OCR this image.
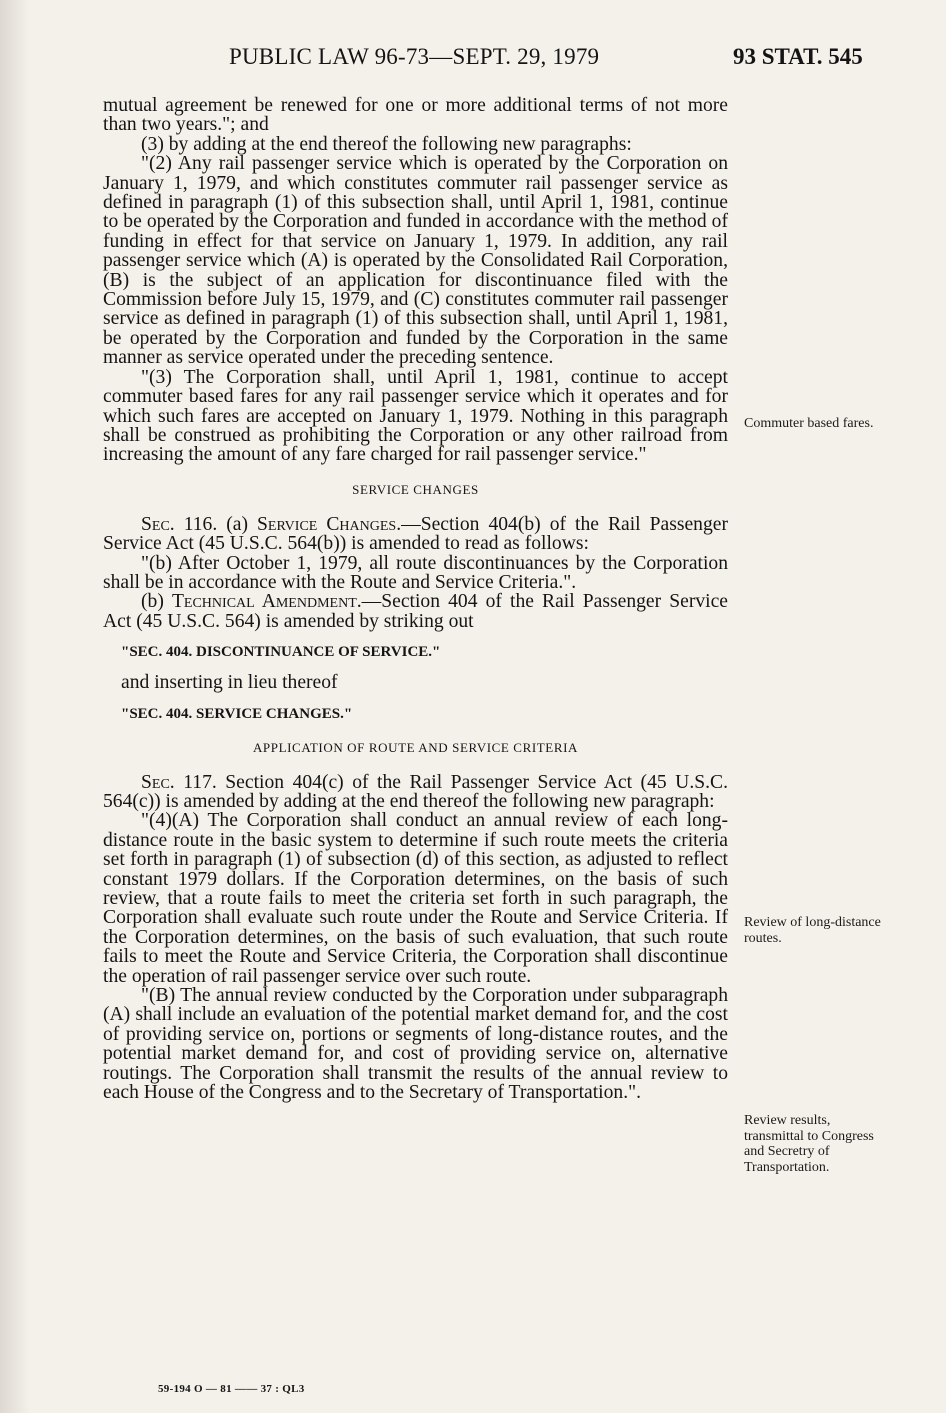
PUBLIC LAW 96-73—SEPT. 29, 1979	93 STAT. 545

mutual agreement be renewed for one or more additional terms of not more than two years."; and

(3) by adding at the end thereof the following new paragraphs:

"(2) Any rail passenger service which is operated by the Corporation on January 1, 1979, and which constitutes commuter rail passenger service as defined in paragraph (1) of this subsection shall, until April 1, 1981, continue to be operated by the Corporation and funded in accordance with the method of funding in effect for that service on January 1, 1979. In addition, any rail passenger service which (A) is operated by the Consolidated Rail Corporation, (B) is the subject of an application for discontinuance filed with the Commission before July 15, 1979, and (C) constitutes commuter rail passenger service as defined in paragraph (1) of this subsection shall, until April 1, 1981, be operated by the Corporation and funded by the Corporation in the same manner as service operated under the preceding sentence.

"(3) The Corporation shall, until April 1, 1981, continue to accept commuter based fares for any rail passenger service which it operates and for which such fares are accepted on January 1, 1979. Nothing in this paragraph shall be construed as prohibiting the Corporation or any other railroad from increasing the amount of any fare charged for rail passenger service."

SERVICE CHANGES

Sec. 116. (a) Service Changes.—Section 404(b) of the Rail Passenger Service Act (45 U.S.C. 564(b)) is amended to read as follows:

"(b) After October 1, 1979, all route discontinuances by the Corporation shall be in accordance with the Route and Service Criteria.".

(b) Technical Amendment.—Section 404 of the Rail Passenger Service Act (45 U.S.C. 564) is amended by striking out

"SEC. 404. DISCONTINUANCE OF SERVICE."

and inserting in lieu thereof

"SEC. 404. SERVICE CHANGES."

APPLICATION OF ROUTE AND SERVICE CRITERIA

Sec. 117. Section 404(c) of the Rail Passenger Service Act (45 U.S.C. 564(c)) is amended by adding at the end thereof the following new paragraph:

"(4)(A) The Corporation shall conduct an annual review of each long-distance route in the basic system to determine if such route meets the criteria set forth in paragraph (1) of subsection (d) of this section, as adjusted to reflect constant 1979 dollars. If the Corporation determines, on the basis of such review, that a route fails to meet the criteria set forth in such paragraph, the Corporation shall evaluate such route under the Route and Service Criteria. If the Corporation determines, on the basis of such evaluation, that such route fails to meet the Route and Service Criteria, the Corporation shall discontinue the operation of rail passenger service over such route.

"(B) The annual review conducted by the Corporation under subparagraph (A) shall include an evaluation of the potential market demand for, and the cost of providing service on, portions or segments of long-distance routes, and the potential market demand for, and cost of providing service on, alternative routings. The Corporation shall transmit the results of the annual review to each House of the Congress and to the Secretary of Transportation.".

Commuter based fares.
Review of long-distance routes.
Review results, transmittal to Congress and Secretry of Transportation.
59-194 O — 81 —— 37 : QL3
